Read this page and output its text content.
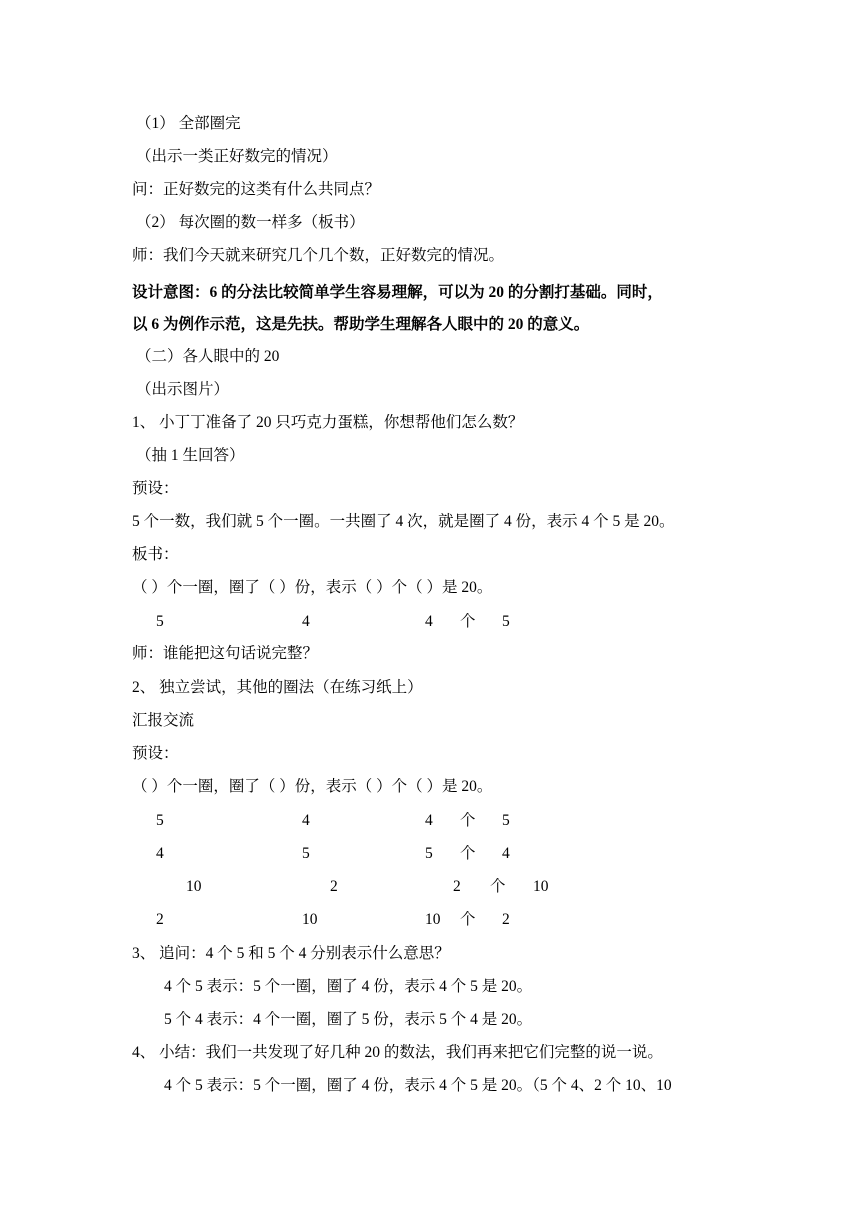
（1） 全部圈完
（出示一类正好数完的情况）
问：正好数完的这类有什么共同点？
（2） 每次圈的数一样多（板书）
师：我们今天就来研究几个几个数，正好数完的情况。
设计意图：6 的分法比较简单学生容易理解，可以为 20 的分割打基础。同时，
以 6 为例作示范，这是先扶。帮助学生理解各人眼中的 20 的意义。
（二）各人眼中的 20
（出示图片）
1、 小丁丁准备了 20 只巧克力蛋糕，你想帮他们怎么数？
（抽 1 生回答）
预设：
5 个一数，我们就 5 个一圈。一共圈了 4 次，就是圈了 4 份，表示 4 个 5 是 20。
板书：
（ ）个一圈，圈了（ ）份，表示（ ）个（ ）是 20。
5	4	4 个 5
师：谁能把这句话说完整？
2、 独立尝试，其他的圈法（在练习纸上）
汇报交流
预设：
（ ）个一圈，圈了（ ）份，表示（ ）个（ ）是 20。
5	4	4 个 5
4	5	5 个 4
10	2	2 个 10
2	10	10 个 2
3、 追问：4 个 5 和 5 个 4 分别表示什么意思？
4 个 5 表示：5 个一圈，圈了 4 份，表示 4 个 5 是 20。
5 个 4 表示：4 个一圈，圈了 5 份，表示 5 个 4 是 20。
4、 小结：我们一共发现了好几种 20 的数法，我们再来把它们完整的说一说。
4 个 5 表示：5 个一圈，圈了 4 份，表示 4 个 5 是 20。（5 个 4、2 个 10、10
